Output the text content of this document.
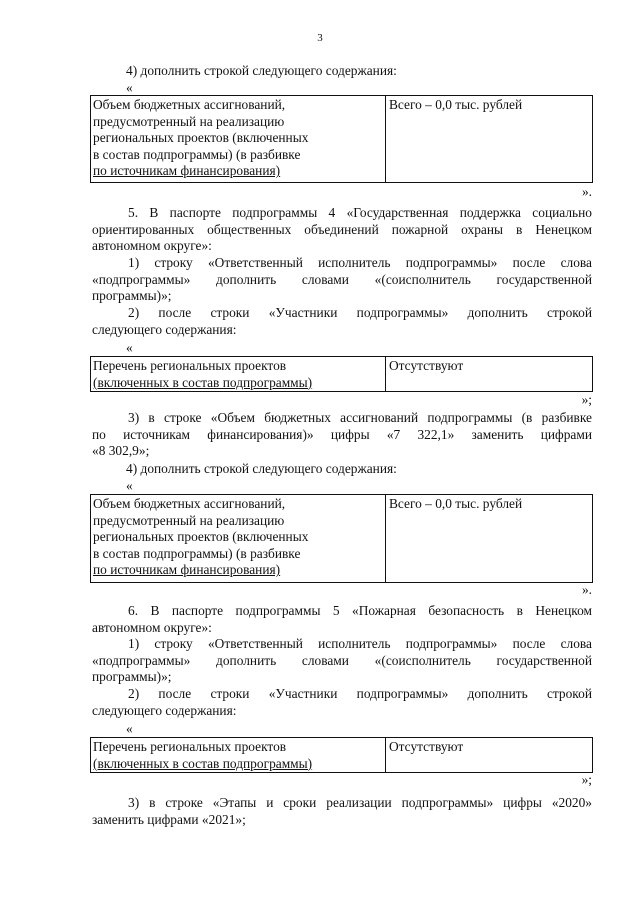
3
4) дополнить строкой следующего содержания:
«
Объем бюджетных ассигнований,
предусмотренный на реализацию
региональных проектов (включенных
в состав подпрограммы) (в разбивке
по источникам финансирования)
Всего – 0,0 тыс. рублей
».
5. В паспорте подпрограммы 4 «Государственная поддержка социально
ориентированных общественных объединений пожарной охраны в Ненецком
автономном округе»:
1) строку «Ответственный исполнитель подпрограммы» после слова
«подпрограммы» дополнить словами «(соисполнитель государственной
программы)»;
2) после строки «Участники подпрограммы» дополнить строкой
следующего содержания:
«
Перечень региональных проектов
(включенных в состав подпрограммы)
Отсутствуют
»;
3) в строке «Объем бюджетных ассигнований подпрограммы (в разбивке
по источникам финансирования)» цифры «7 322,1» заменить цифрами
«8 302,9»;
4) дополнить строкой следующего содержания:
«
Объем бюджетных ассигнований,
предусмотренный на реализацию
региональных проектов (включенных
в состав подпрограммы) (в разбивке
по источникам финансирования)
Всего – 0,0 тыс. рублей
».
6. В паспорте подпрограммы 5 «Пожарная безопасность в Ненецком
автономном округе»:
1) строку «Ответственный исполнитель подпрограммы» после слова
«подпрограммы» дополнить словами «(соисполнитель государственной
программы)»;
2) после строки «Участники подпрограммы» дополнить строкой
следующего содержания:
«
Перечень региональных проектов
(включенных в состав подпрограммы)
Отсутствуют
»;
3) в строке «Этапы и сроки реализации подпрограммы» цифры «2020»
заменить цифрами «2021»;
